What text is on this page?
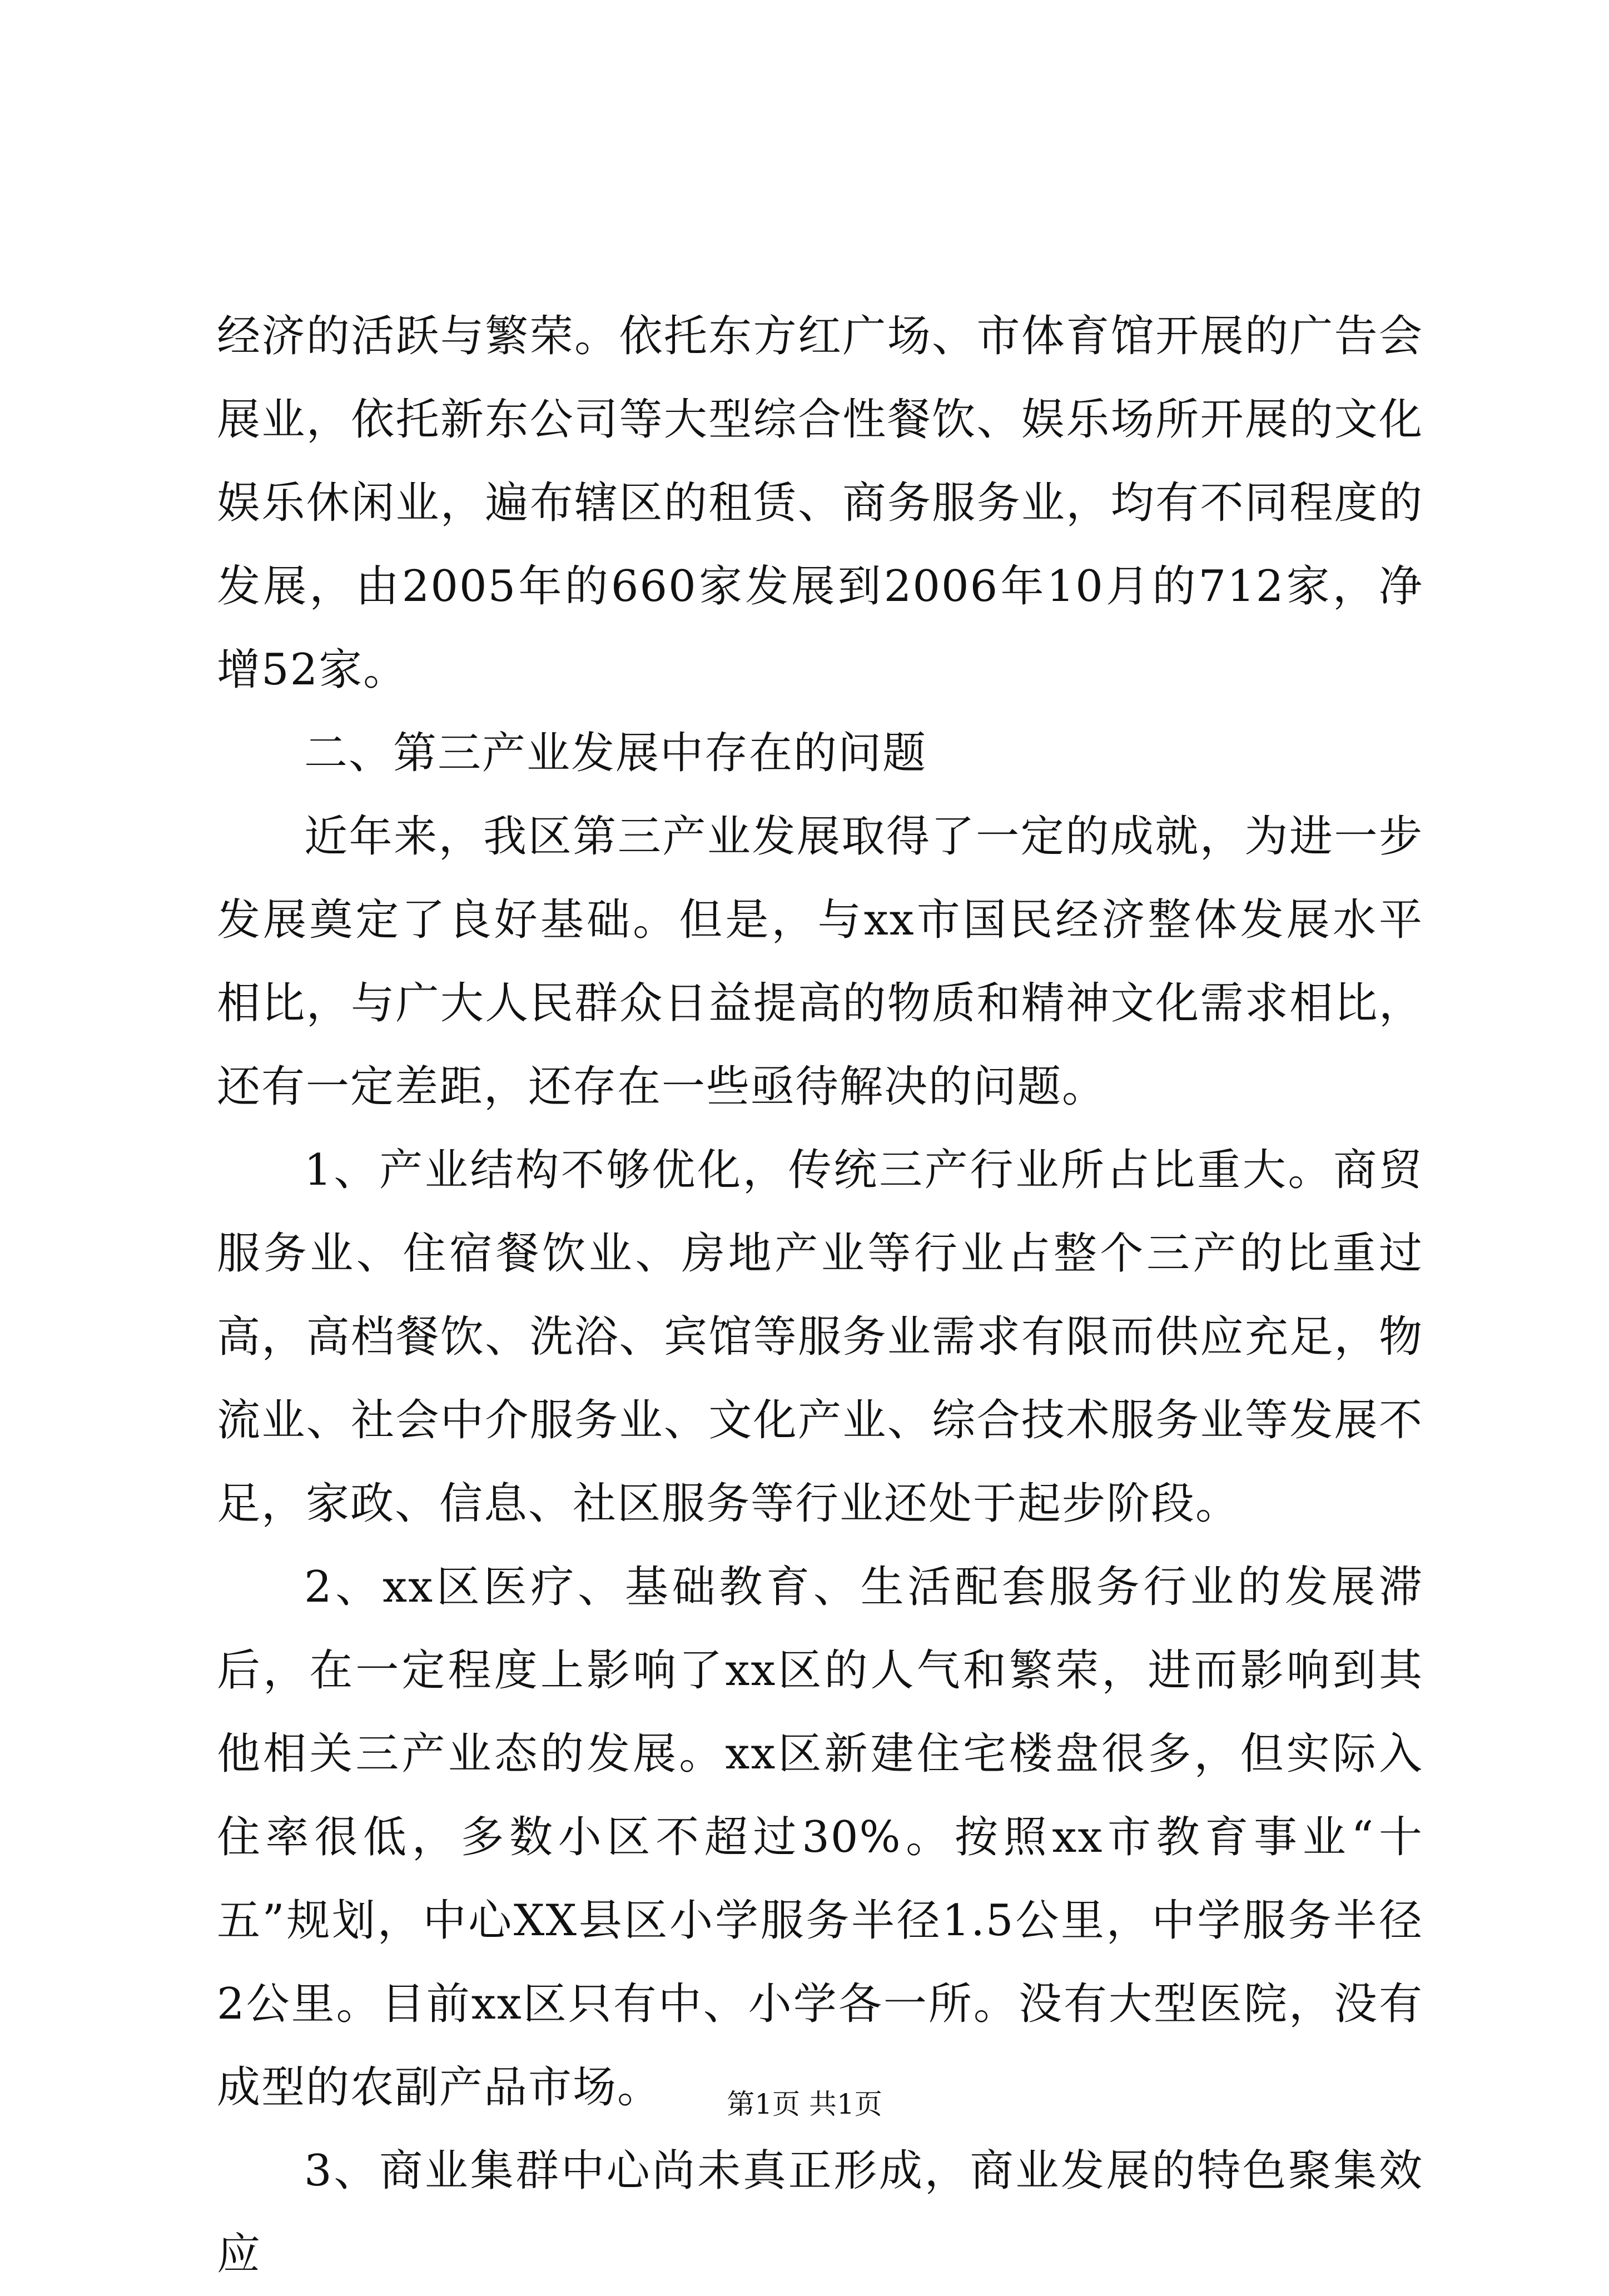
经济的活跃与繁荣。依托东方红广场、市体育馆开展的广告会展业，依托新东公司等大型综合性餐饮、娱乐场所开展的文化娱乐休闲业，遍布辖区的租赁、商务服务业，均有不同程度的发展，由2005年的660家发展到2006年10月的712家，净增52家。

二、第三产业发展中存在的问题

近年来，我区第三产业发展取得了一定的成就，为进一步发展奠定了良好基础。但是，与xx市国民经济整体发展水平相比，与广大人民群众日益提高的物质和精神文化需求相比，还有一定差距，还存在一些亟待解决的问题。

1、产业结构不够优化，传统三产行业所占比重大。商贸服务业、住宿餐饮业、房地产业等行业占整个三产的比重过高，高档餐饮、洗浴、宾馆等服务业需求有限而供应充足，物流业、社会中介服务业、文化产业、综合技术服务业等发展不足，家政、信息、社区服务等行业还处于起步阶段。

2、xx区医疗、基础教育、生活配套服务行业的发展滞后，在一定程度上影响了xx区的人气和繁荣，进而影响到其他相关三产业态的发展。xx区新建住宅楼盘很多，但实际入住率很低，多数小区不超过30%。按照xx市教育事业“十五”规划，中心XX县区小学服务半径1.5公里，中学服务半径2公里。目前xx区只有中、小学各一所。没有大型医院，没有成型的农副产品市场。

3、商业集群中心尚未真正形成，商业发展的特色聚集效应

第1页 共1页
